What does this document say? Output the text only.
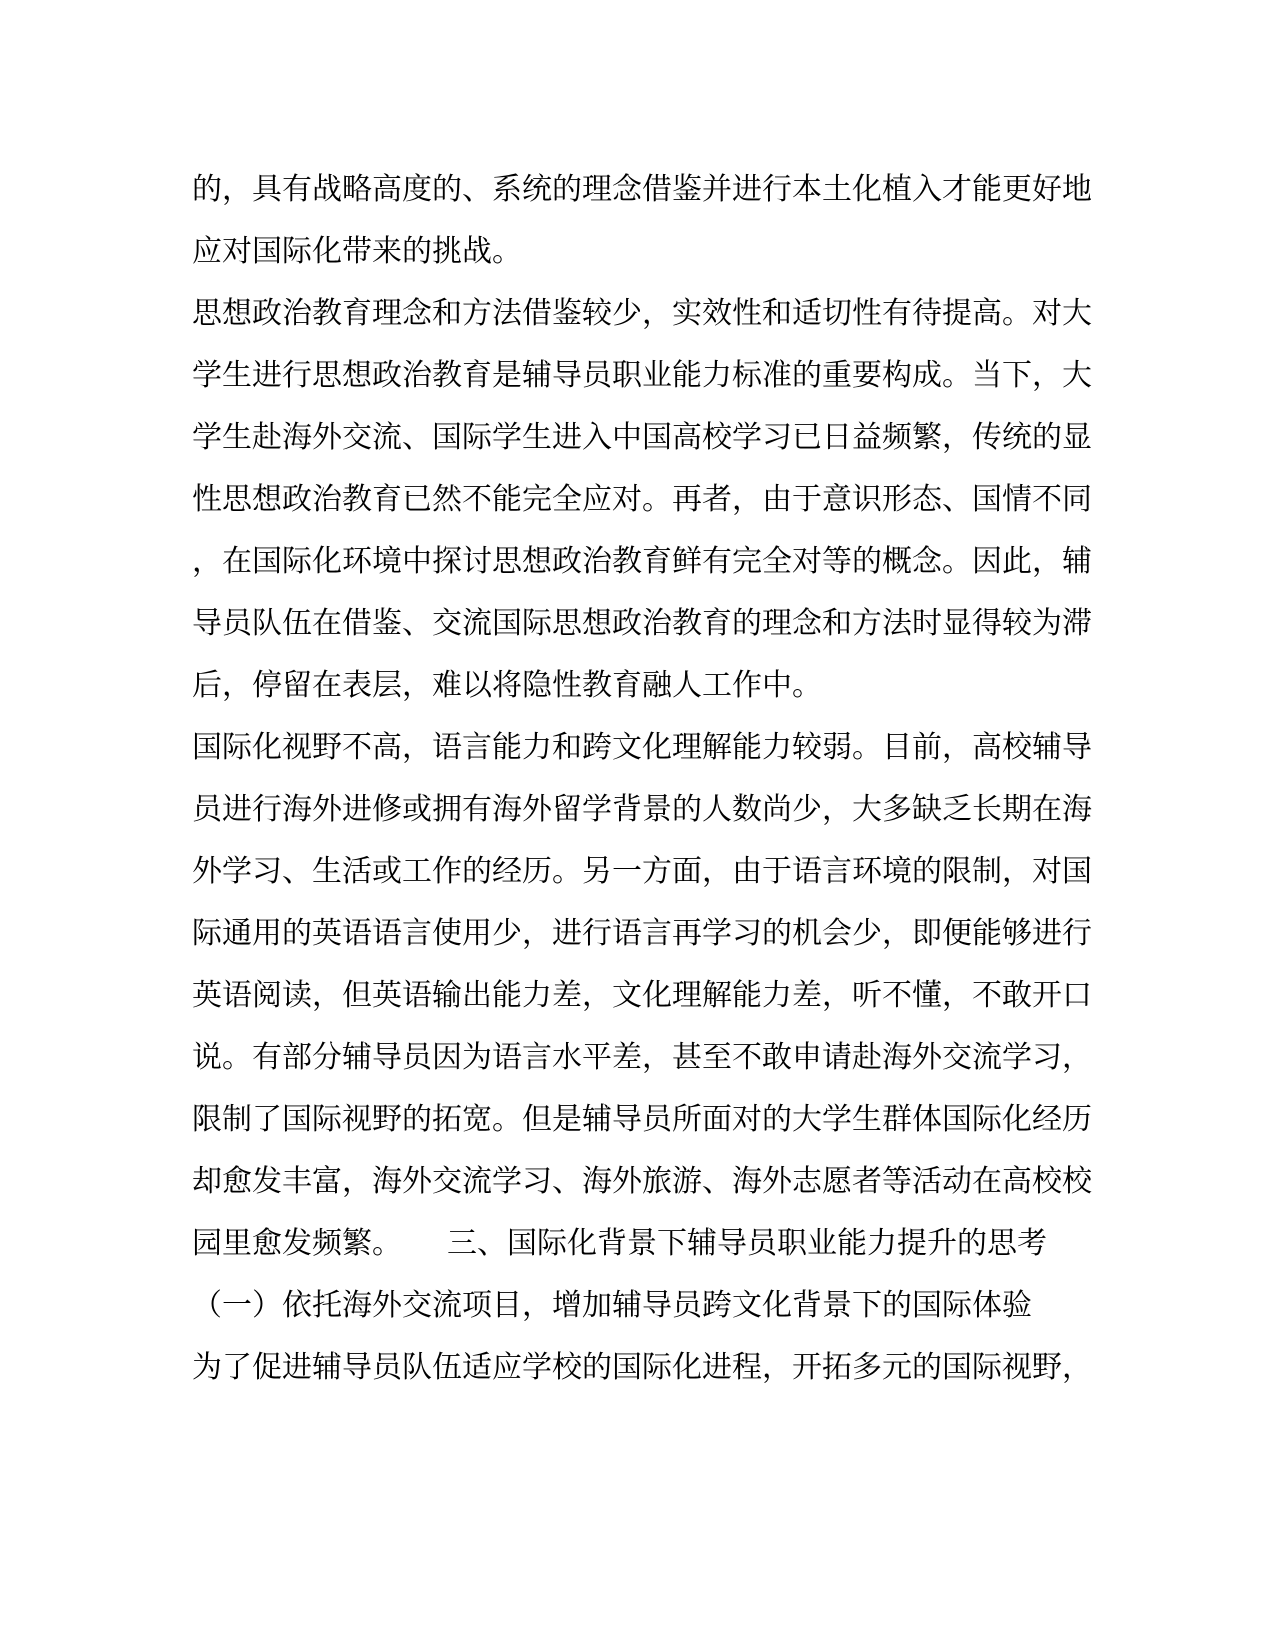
的，具有战略高度的、系统的理念借鉴并进行本土化植入才能更好地

应对国际化带来的挑战。

思想政治教育理念和方法借鉴较少，实效性和适切性有待提高。对大

学生进行思想政治教育是辅导员职业能力标准的重要构成。当下，大

学生赴海外交流、国际学生进入中国高校学习已日益频繁，传统的显

性思想政治教育已然不能完全应对。再者，由于意识形态、国情不同

，在国际化环境中探讨思想政治教育鲜有完全对等的概念。因此，辅

导员队伍在借鉴、交流国际思想政治教育的理念和方法时显得较为滞

后，停留在表层，难以将隐性教育融人工作中。

国际化视野不高，语言能力和跨文化理解能力较弱。目前，高校辅导

员进行海外进修或拥有海外留学背景的人数尚少，大多缺乏长期在海

外学习、生活或工作的经历。另一方面，由于语言环境的限制，对国

际通用的英语语言使用少，进行语言再学习的机会少，即便能够进行

英语阅读，但英语输出能力差，文化理解能力差，听不懂，不敢开口

说。有部分辅导员因为语言水平差，甚至不敢申请赴海外交流学习，

限制了国际视野的拓宽。但是辅导员所面对的大学生群体国际化经历

却愈发丰富，海外交流学习、海外旅游、海外志愿者等活动在高校校

园里愈发频繁。　　三、国际化背景下辅导员职业能力提升的思考

（一）依托海外交流项目，增加辅导员跨文化背景下的国际体验

为了促进辅导员队伍适应学校的国际化进程，开拓多元的国际视野，
